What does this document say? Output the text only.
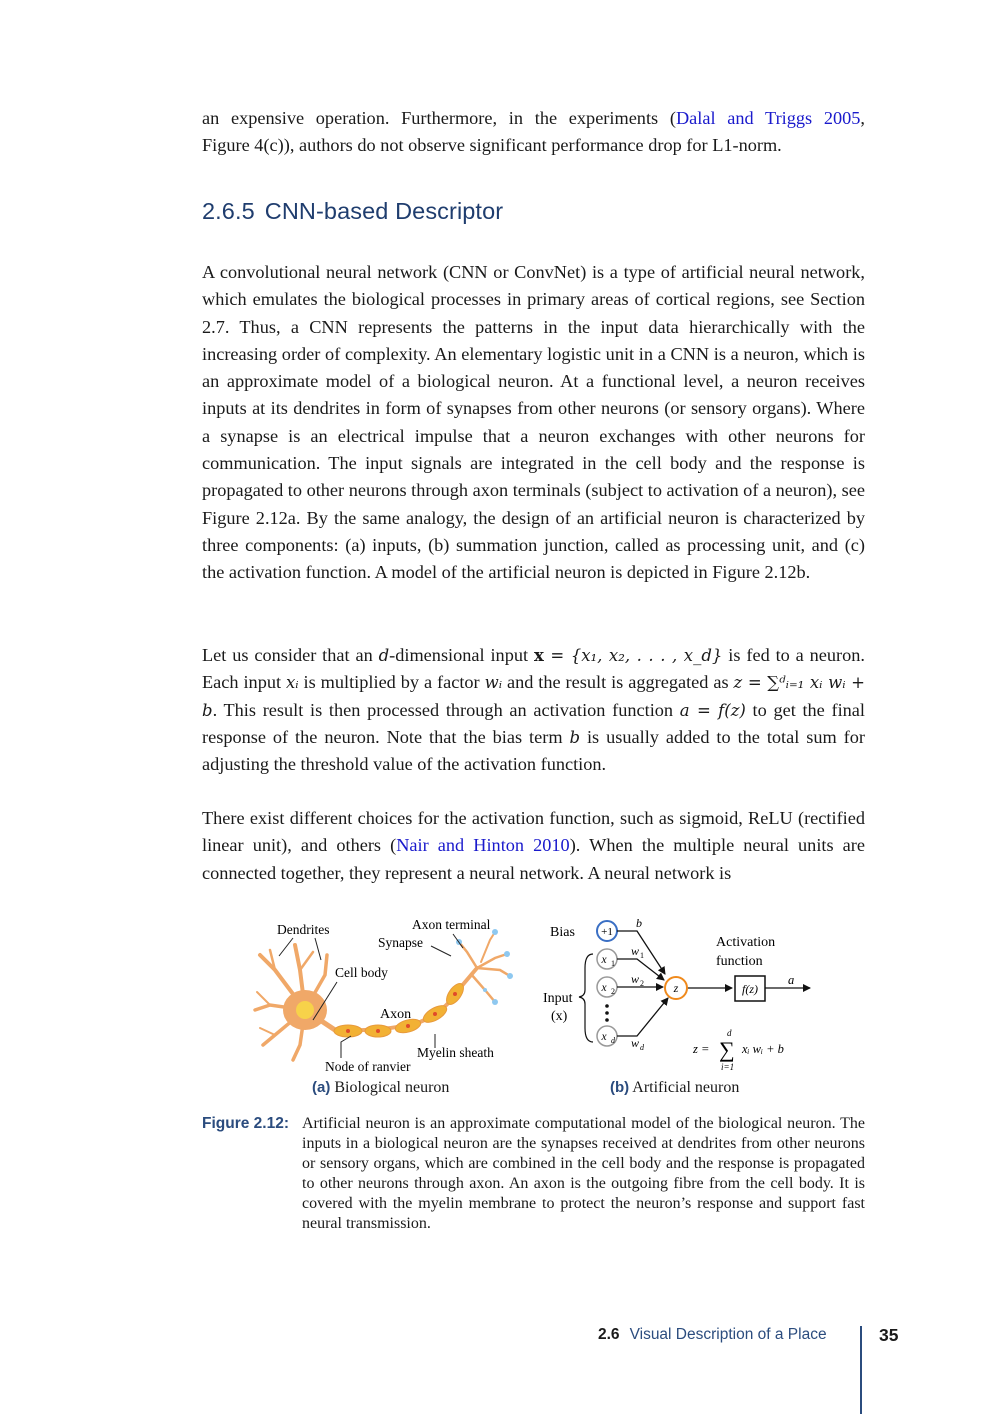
an expensive operation. Furthermore, in the experiments (Dalal and Triggs 2005, Figure 4(c)), authors do not observe significant performance drop for L1-norm.

2.6.5 CNN-based Descriptor

A convolutional neural network (CNN or ConvNet) is a type of artificial neural network, which emulates the biological processes in primary areas of cortical regions, see Section 2.7. Thus, a CNN represents the patterns in the input data hierarchically with the increasing order of complexity. An elementary logistic unit in a CNN is a neuron, which is an approximate model of a biological neuron. At a functional level, a neuron receives inputs at its dendrites in form of synapses from other neurons (or sensory organs). Where a synapse is an electrical impulse that a neuron exchanges with other neurons for communication. The input signals are integrated in the cell body and the response is propagated to other neurons through axon terminals (subject to activation of a neuron), see Figure 2.12a. By the same analogy, the design of an artificial neuron is characterized by three components: (a) inputs, (b) summation junction, called as processing unit, and (c) the activation function. A model of the artificial neuron is depicted in Figure 2.12b.

Let us consider that an d-dimensional input x = {x₁, x₂, . . . , x_d} is fed to a neuron. Each input xᵢ is multiplied by a factor wᵢ and the result is aggregated as z = ∑ᵈᵢ₌₁ xᵢ wᵢ + b. This result is then processed through an activation function a = f(z) to get the final response of the neuron. Note that the bias term b is usually added to the total sum for adjusting the threshold value of the activation function.

There exist different choices for the activation function, such as sigmoid, ReLU (rectified linear unit), and others (Nair and Hinton 2010). When the multiple neural units are connected together, they represent a neural network. A neural network is

Dendrites	Axon terminal
Synapse
Cell body
Axon
Myelin sheath
Node of ranvier
Bias +1
x 1
x 2
x d
Input
(x)
b
w 1
w 2
w d
z	f(z)
a
Activation
function
z = ∑
d
i=1
xᵢ wᵢ + b
(a) Biological neuron	(b) Artificial neuron
Figure 2.12: Artificial neuron is an approximate computational model of the biological neuron. The inputs in a biological neuron are the synapses received at dendrites from other neurons or sensory organs, which are combined in the cell body and the response is propagated to other neurons through axon. An axon is the outgoing fibre from the cell body. It is covered with the myelin membrane to protect the neuron’s response and support fast neural transmission.
2.6 Visual Description of a Place	35
